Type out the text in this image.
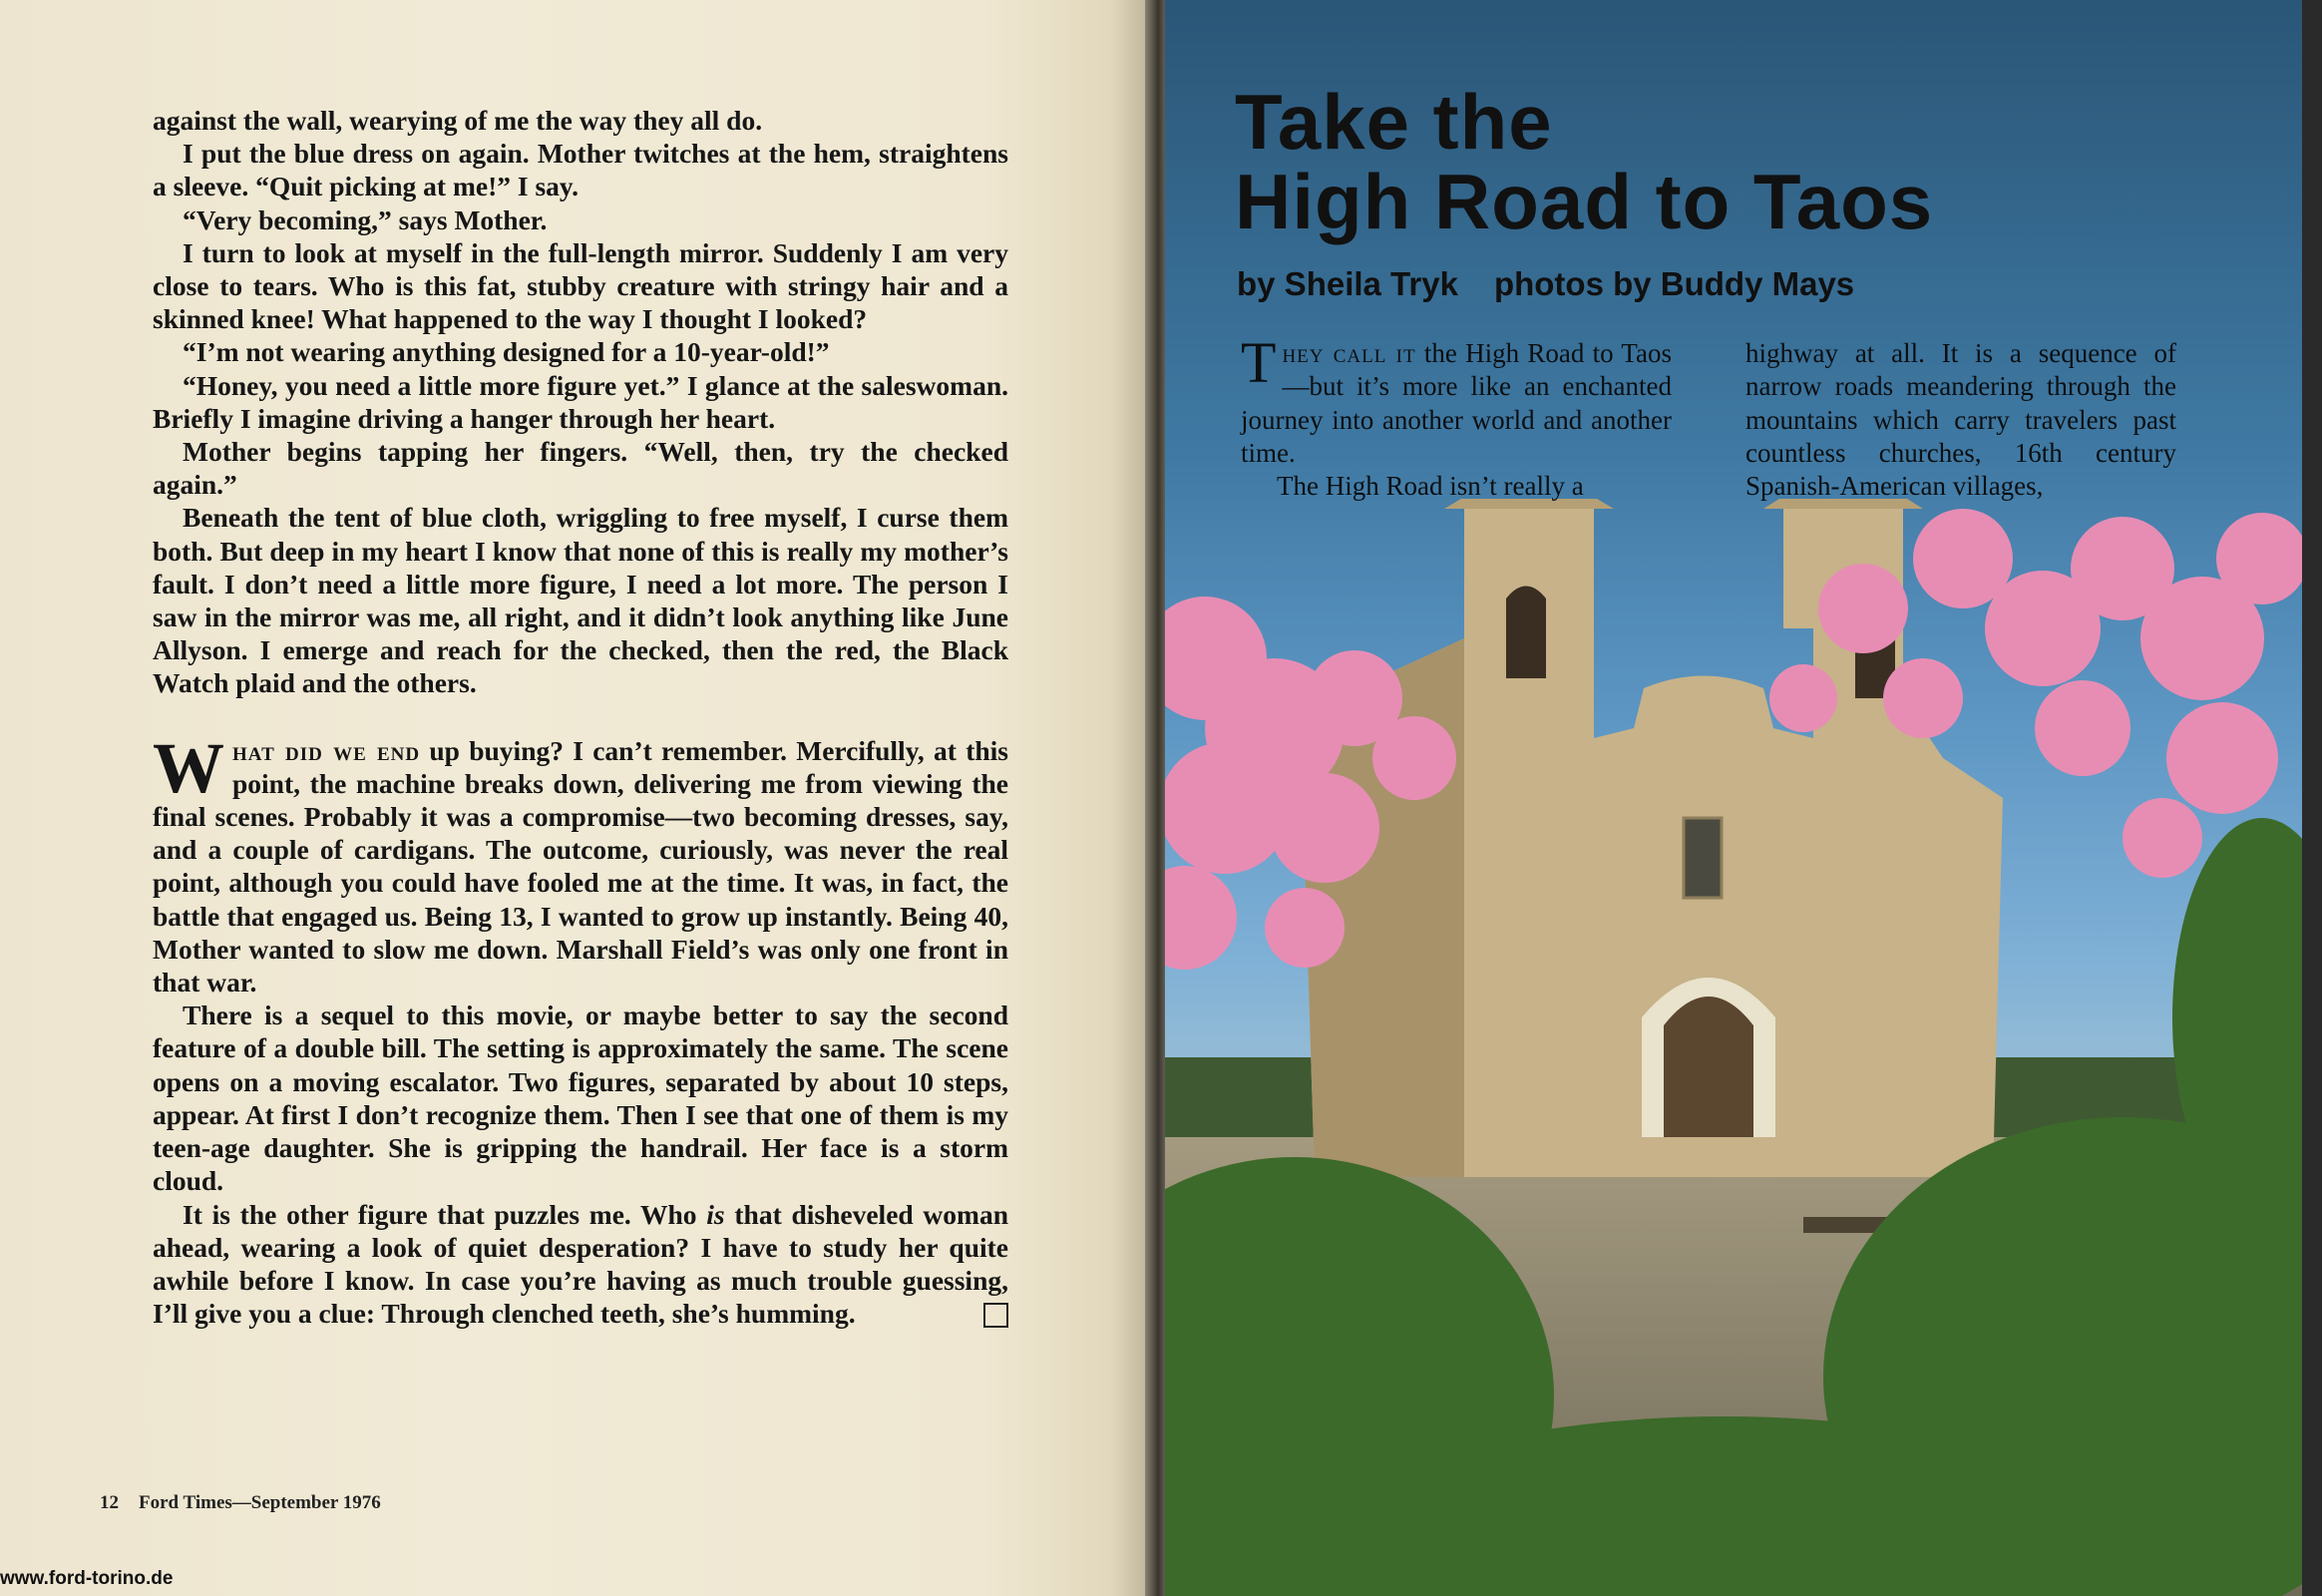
against the wall, wearying of me the way they all do.

I put the blue dress on again. Mother twitches at the hem, straightens a sleeve. “Quit picking at me!” I say.

“Very becoming,” says Mother.

I turn to look at myself in the full-length mirror. Suddenly I am very close to tears. Who is this fat, stubby creature with stringy hair and a skinned knee! What happened to the way I thought I looked?

“I’m not wearing anything designed for a 10-year-old!”

“Honey, you need a little more figure yet.” I glance at the saleswoman. Briefly I imagine driving a hanger through her heart.

Mother begins tapping her fingers. “Well, then, try the checked again.”

Beneath the tent of blue cloth, wriggling to free myself, I curse them both. But deep in my heart I know that none of this is really my mother’s fault. I don’t need a little more figure, I need a lot more. The person I saw in the mirror was me, all right, and it didn’t look anything like June Allyson. I emerge and reach for the checked, then the red, the Black Watch plaid and the others.

What did we end up buying? I can’t remember. Mercifully, at this point, the machine breaks down, delivering me from viewing the final scenes. Probably it was a compromise—two becoming dresses, say, and a couple of cardigans. The outcome, curiously, was never the real point, although you could have fooled me at the time. It was, in fact, the battle that engaged us. Being 13, I wanted to grow up instantly. Being 40, Mother wanted to slow me down. Marshall Field’s was only one front in that war.

There is a sequel to this movie, or maybe better to say the second feature of a double bill. The setting is approximately the same. The scene opens on a moving escalator. Two figures, separated by about 10 steps, appear. At first I don’t recognize them. Then I see that one of them is my teen-age daughter. She is gripping the handrail. Her face is a storm cloud.

It is the other figure that puzzles me. Who is that disheveled woman ahead, wearing a look of quiet desperation? I have to study her quite awhile before I know. In case you’re having as much trouble guessing, I’ll give you a clue: Through clenched teeth, she’s humming.

12 Ford Times—September 1976
www.ford-torino.de
Take the
High Road to Taos
by Sheila Tryk photos by Buddy Mays

They call it the High Road to Taos—but it’s more like an enchanted journey into another world and another time.

The High Road isn’t really a

highway at all. It is a sequence of narrow roads meandering through the mountains which carry travelers past countless churches, 16th century Spanish-American villages,
